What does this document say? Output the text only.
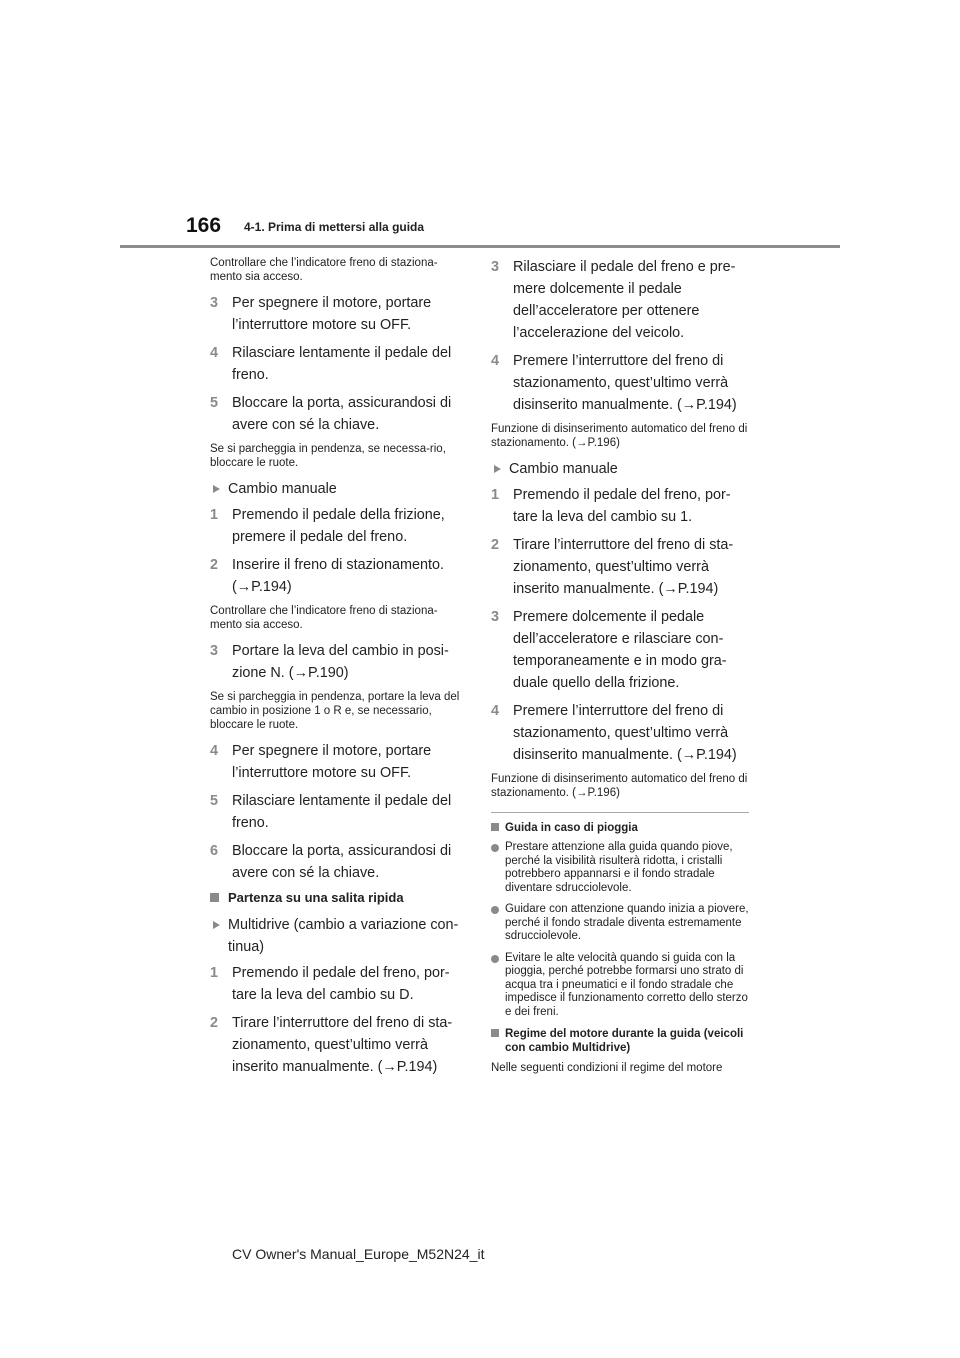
166 4-1. Prima di mettersi alla guida

Controllare che l’indicatore freno di staziona-mento sia acceso.

3 Per spegnere il motore, portare l’interruttore motore su OFF.
4 Rilasciare lentamente il pedale del freno.
5 Bloccare la porta, assicurandosi di avere con sé la chiave.

Se si parcheggia in pendenza, se necessa-rio, bloccare le ruote.

Cambio manuale
1 Premendo il pedale della frizione, premere il pedale del freno.
2 Inserire il freno di stazionamento. (→P.194)

Controllare che l’indicatore freno di staziona-mento sia acceso.

3 Portare la leva del cambio in posi-zione N. (→P.190)

Se si parcheggia in pendenza, portare la leva del cambio in posizione 1 o R e, se necessario, bloccare le ruote.

4 Per spegnere il motore, portare l’interruttore motore su OFF.
5 Rilasciare lentamente il pedale del freno.
6 Bloccare la porta, assicurandosi di avere con sé la chiave.
Partenza su una salita ripida
Multidrive (cambio a variazione con-tinua)
1 Premendo il pedale del freno, por-tare la leva del cambio su D.
2 Tirare l’interruttore del freno di sta-zionamento, quest’ultimo verrà inserito manualmente. (→P.194)
3 Rilasciare il pedale del freno e pre-mere dolcemente il pedale dell’acceleratore per ottenere l’accelerazione del veicolo.
4 Premere l’interruttore del freno di stazionamento, quest’ultimo verrà disinserito manualmente. (→P.194)

Funzione di disinserimento automatico del freno di stazionamento. (→P.196)

Cambio manuale
1 Premendo il pedale del freno, por-tare la leva del cambio su 1.
2 Tirare l’interruttore del freno di sta-zionamento, quest’ultimo verrà inserito manualmente. (→P.194)
3 Premere dolcemente il pedale dell’acceleratore e rilasciare con-temporaneamente e in modo gra-duale quello della frizione.
4 Premere l’interruttore del freno di stazionamento, quest’ultimo verrà disinserito manualmente. (→P.194)

Funzione di disinserimento automatico del freno di stazionamento. (→P.196)

Guida in caso di pioggia
Prestare attenzione alla guida quando piove, perché la visibilità risulterà ridotta, i cristalli potrebbero appannarsi e il fondo stradale diventare sdrucciolevole.
Guidare con attenzione quando inizia a piovere, perché il fondo stradale diventa estremamente sdrucciolevole.
Evitare le alte velocità quando si guida con la pioggia, perché potrebbe formarsi uno strato di acqua tra i pneumatici e il fondo stradale che impedisce il funzionamento corretto dello sterzo e dei freni.
Regime del motore durante la guida (veicoli con cambio Multidrive)

Nelle seguenti condizioni il regime del motore

CV Owner's Manual_Europe_M52N24_it
